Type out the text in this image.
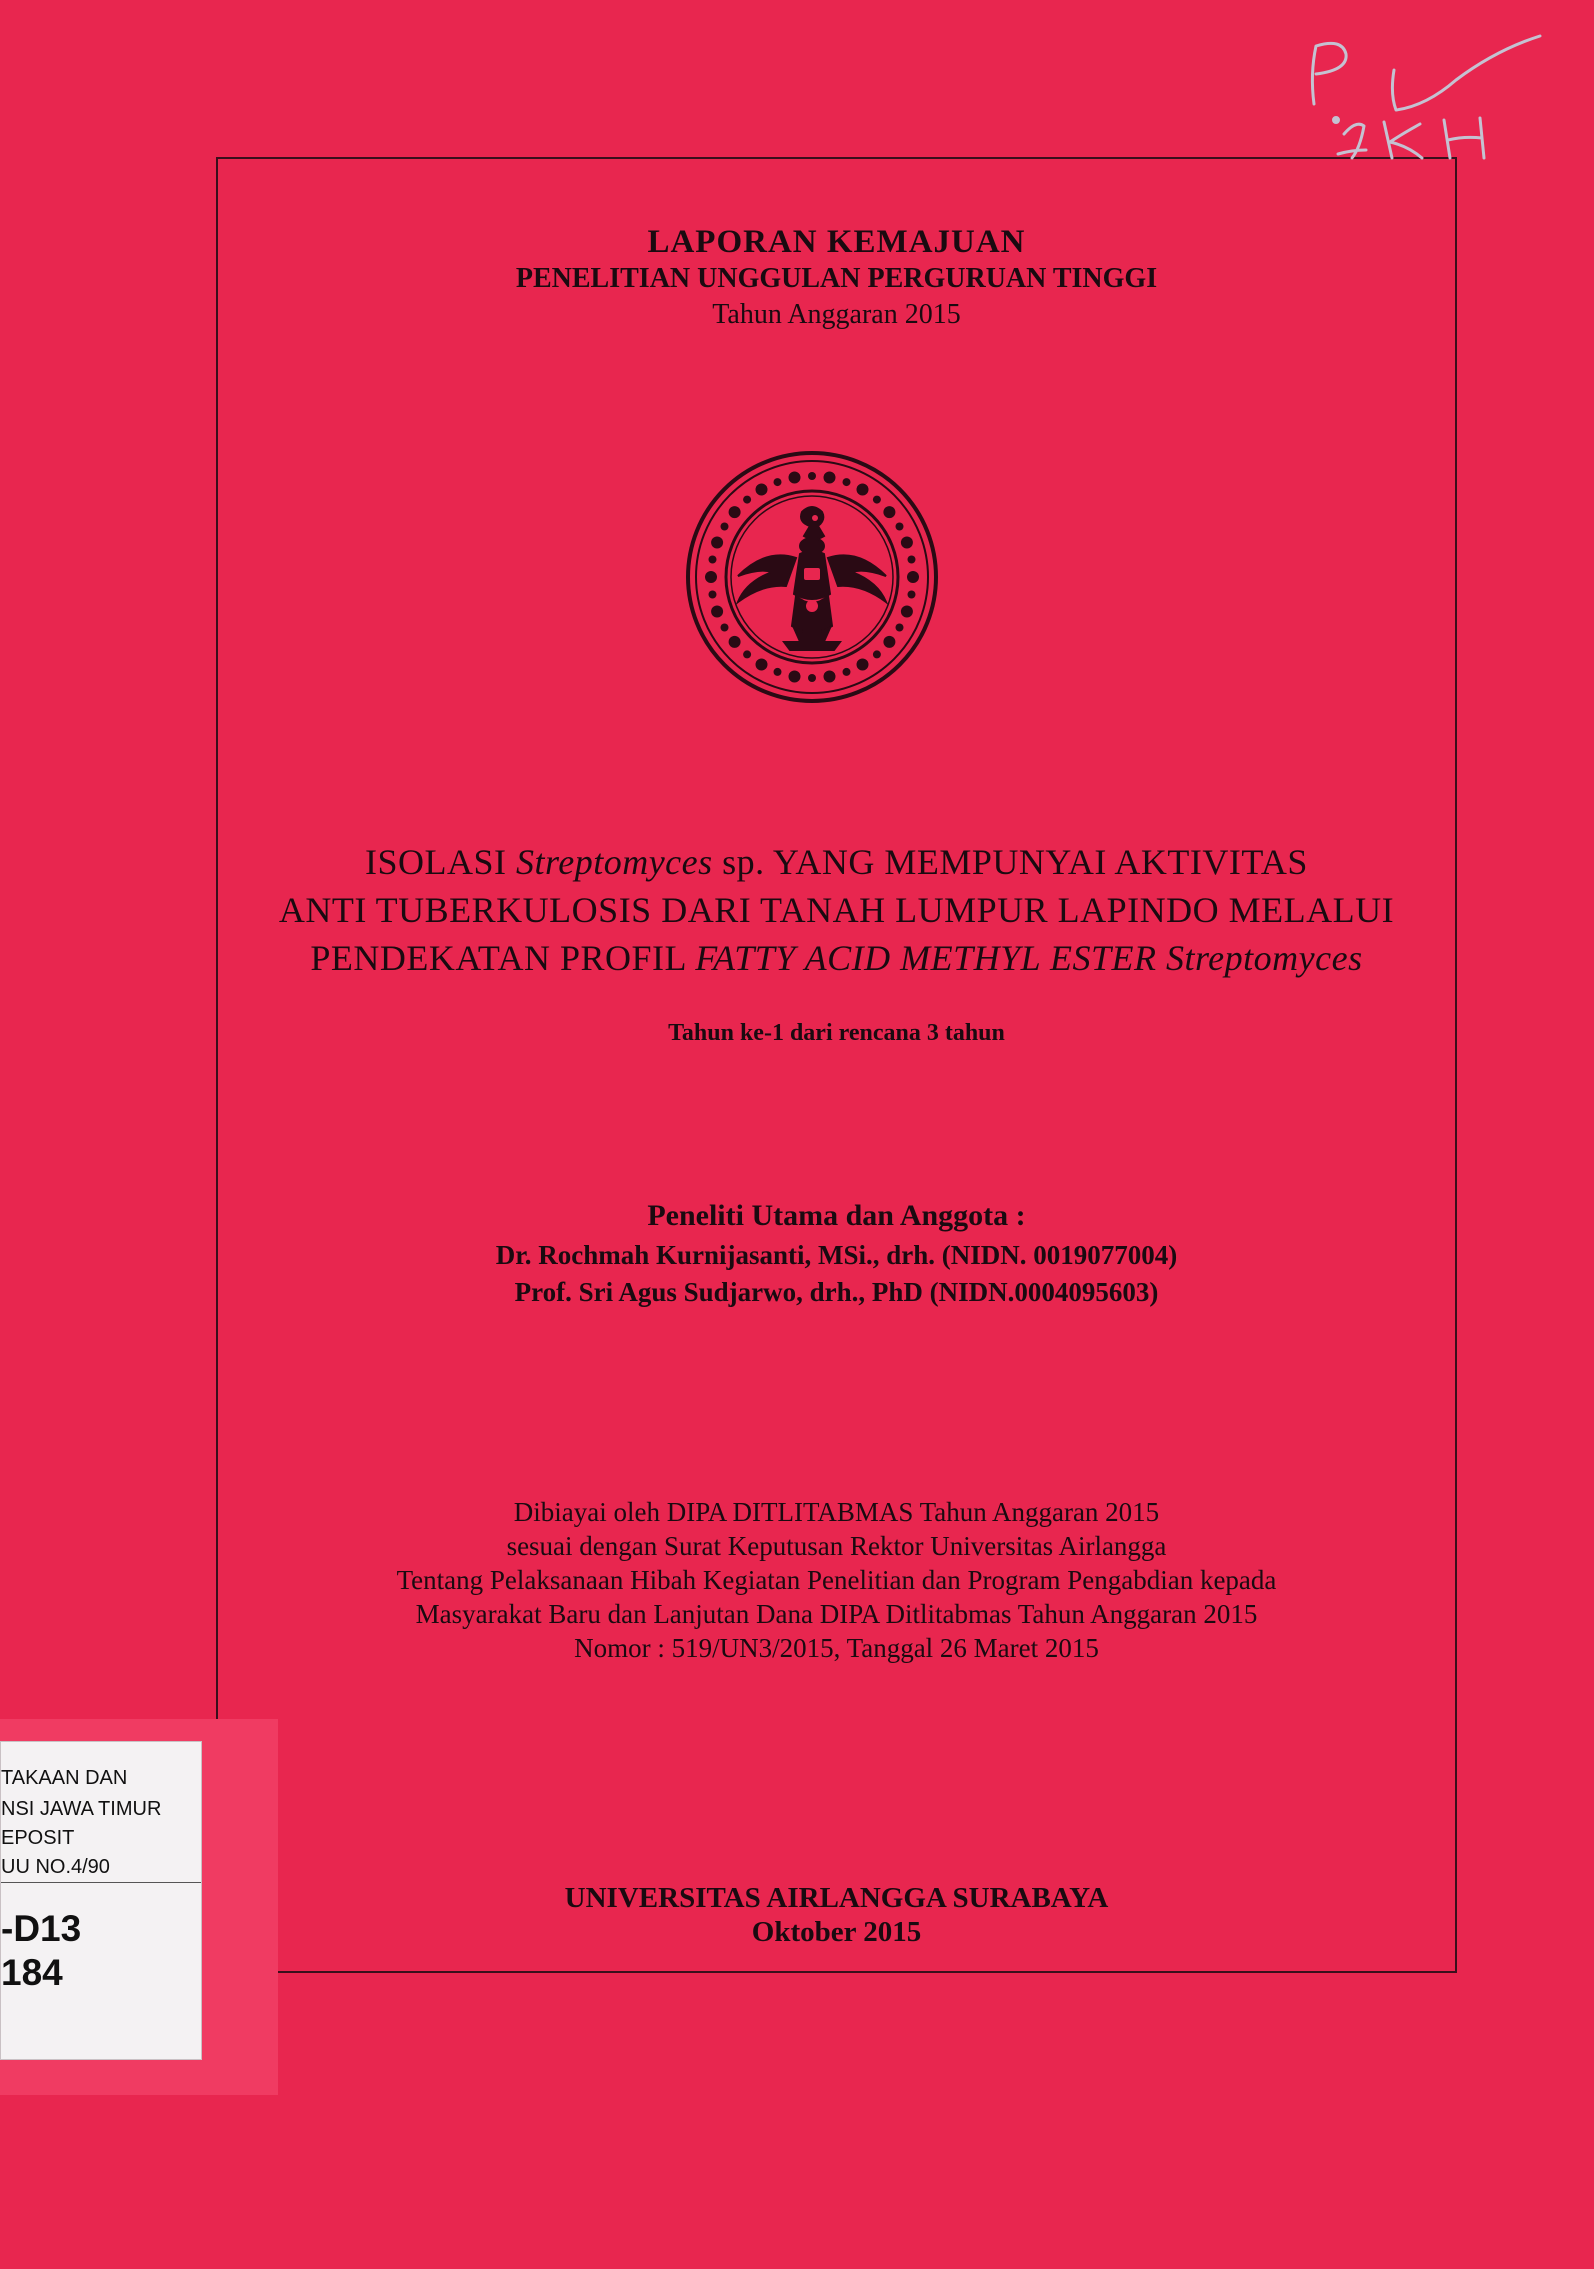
LAPORAN KEMAJUAN
PENELITIAN UNGGULAN PERGURUAN TINGGI
Tahun Anggaran 2015
ISOLASI Streptomyces sp. YANG MEMPUNYAI AKTIVITAS
ANTI TUBERKULOSIS DARI TANAH LUMPUR LAPINDO MELALUI
PENDEKATAN PROFIL FATTY ACID METHYL ESTER Streptomyces
Tahun ke-1 dari rencana 3 tahun
Peneliti Utama dan Anggota :
Dr. Rochmah Kurnijasanti, MSi., drh. (NIDN. 0019077004)
Prof. Sri Agus Sudjarwo, drh., PhD (NIDN.0004095603)
Dibiayai oleh DIPA DITLITABMAS Tahun Anggaran 2015
sesuai dengan Surat Keputusan Rektor Universitas Airlangga
Tentang Pelaksanaan Hibah Kegiatan Penelitian dan Program Pengabdian kepada
Masyarakat Baru dan Lanjutan Dana DIPA Ditlitabmas Tahun Anggaran 2015
Nomor : 519/UN3/2015, Tanggal 26 Maret 2015
UNIVERSITAS AIRLANGGA SURABAYA
Oktober 2015
TAKAAN DAN
NSI JAWA TIMUR
EPOSIT
UU NO.4/90
-D13
184
